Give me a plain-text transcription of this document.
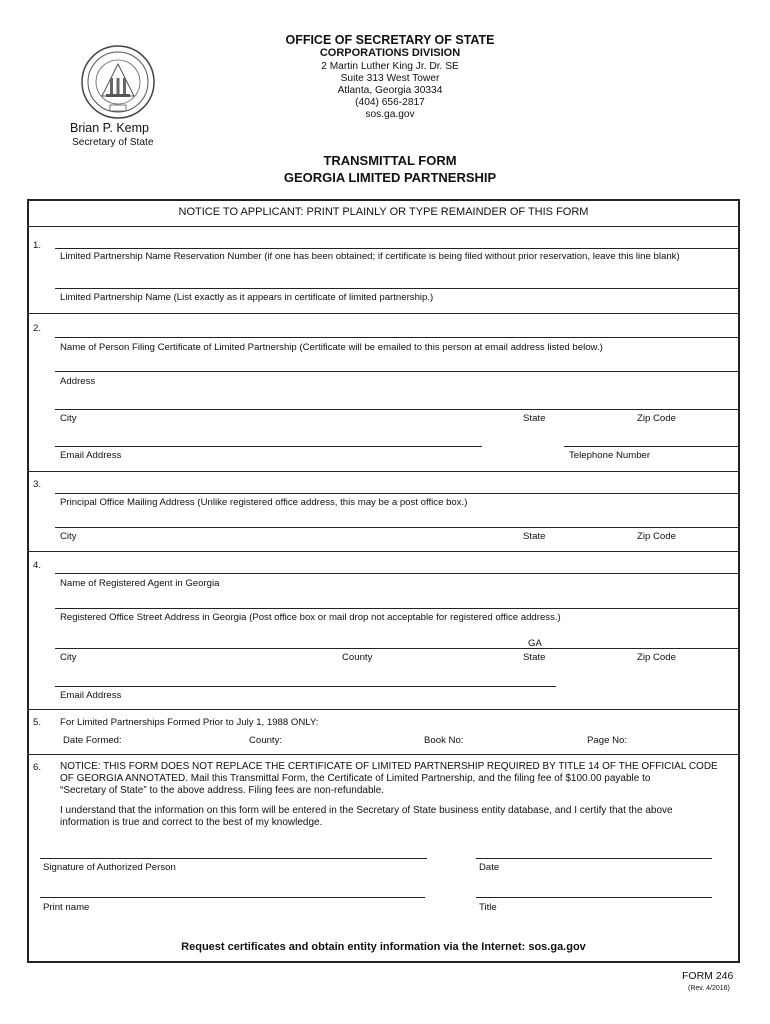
OFFICE OF SECRETARY OF STATE
CORPORATIONS DIVISION
2 Martin Luther King Jr. Dr. SE
Suite 313 West Tower
Atlanta, Georgia 30334
(404) 656-2817
sos.ga.gov
Brian P. Kemp
Secretary of State
TRANSMITTAL FORM
GEORGIA LIMITED PARTNERSHIP
NOTICE TO APPLICANT: PRINT PLAINLY OR TYPE REMAINDER OF THIS FORM
1.
Limited Partnership Name Reservation Number (if one has been obtained; if certificate is being filed without prior reservation, leave this line blank)
Limited Partnership Name (List exactly as it appears in certificate of limited partnership.)
2.
Name of Person Filing Certificate of Limited Partnership (Certificate will be emailed to this person at email address listed below.)
Address
City	State	Zip Code
Email Address	Telephone Number
3.
Principal Office Mailing Address (Unlike registered office address, this may be a post office box.)
City	State	Zip Code
4.
Name of Registered Agent in Georgia
Registered Office Street Address in Georgia (Post office box or mail drop not acceptable for registered office address.)
GA
City	County	State	Zip Code
Email Address
5. For Limited Partnerships Formed Prior to July 1, 1988 ONLY:
Date Formed:	County:	Book No:	Page No:
6. NOTICE: THIS FORM DOES NOT REPLACE THE CERTIFICATE OF LIMITED PARTNERSHIP REQUIRED BY TITLE 14 OF THE OFFICIAL CODE
OF GEORGIA ANNOTATED. Mail this Transmittal Form, the Certificate of Limited Partnership, and the filing fee of $100.00 payable to
“Secretary of State” to the above address. Filing fees are non-refundable.
I understand that the information on this form will be entered in the Secretary of State business entity database, and I certify that the above
information is true and correct to the best of my knowledge.
Signature of Authorized Person	Date
Print name	Title
Request certificates and obtain entity information via the Internet: sos.ga.gov
FORM 246
(Rev. 4/2016)
